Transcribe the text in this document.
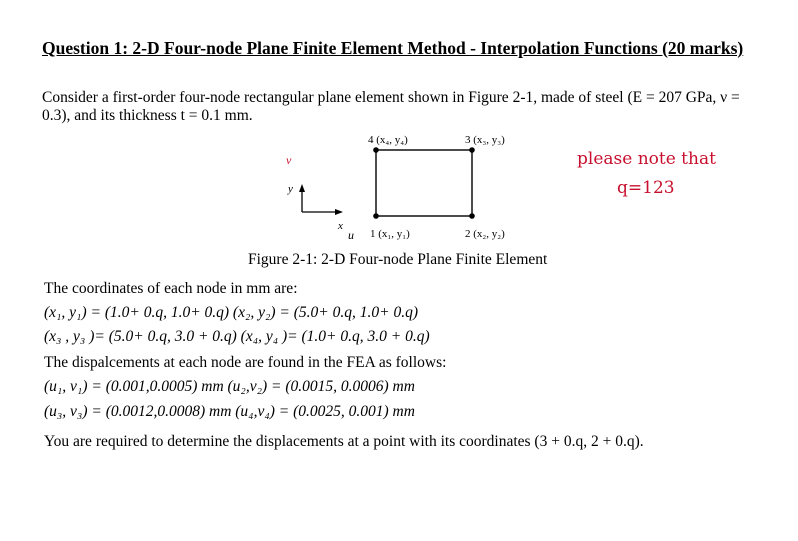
Question 1: 2-D Four-node Plane Finite Element Method - Interpolation Functions (20 marks)
Consider a first-order four-node rectangular plane element shown in Figure 2-1, made of steel (E = 207 GPa, ν = 0.3), and its thickness t = 0.1 mm.
4 (x₄, y₄)	3 (x₃, y₃)
1 (x₁, y₁)	2 (x₂, y₂)
v
y
x
u
please note that
q=123
Figure 2-1: 2-D Four-node Plane Finite Element
The coordinates of each node in mm are:
(x₁, y₁) = (1.0+ 0.q, 1.0+ 0.q) (x₂, y₂) = (5.0+ 0.q, 1.0+ 0.q)
(x₃ , y₃ )= (5.0+ 0.q, 3.0 + 0.q) (x₄, y₄ )= (1.0+ 0.q, 3.0 + 0.q)
The dispalcements at each node are found in the FEA as follows:
(u₁, v₁) = (0.001,0.0005) mm (u₂,v₂) = (0.0015, 0.0006) mm
(u₃, v₃) = (0.0012,0.0008) mm (u₄,v₄) = (0.0025, 0.001) mm
You are required to determine the displacements at a point with its coordinates (3 + 0.q, 2 + 0.q).
